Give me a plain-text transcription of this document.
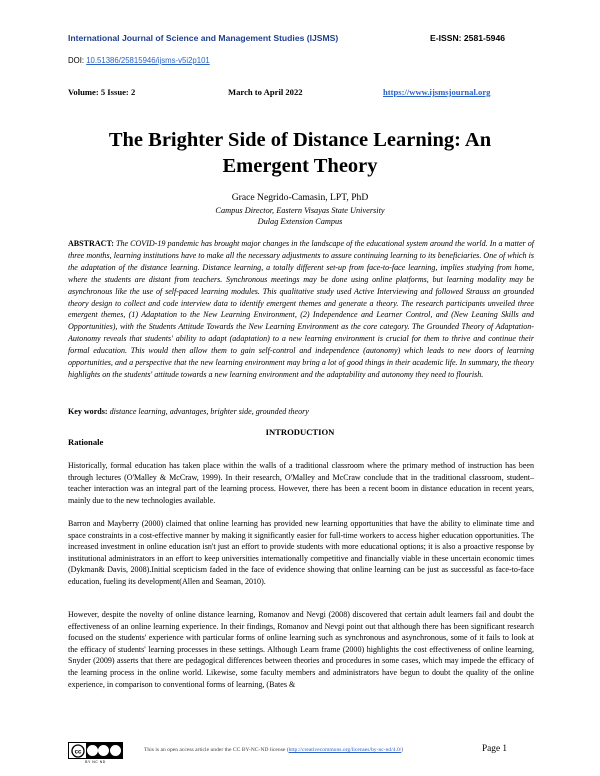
International Journal of Science and Management Studies (IJSMS)	E-ISSN: 2581-5946
DOI: 10.51386/25815946/ijsms-v5i2p101
Volume: 5 Issue: 2	March to April 2022	https://www.ijsmsjournal.org
The Brighter Side of Distance Learning: An
Emergent Theory
Grace Negrido-Camasin, LPT, PhD
Campus Director, Eastern Visayas State University
Dulag Extension Campus
ABSTRACT: The COVID-19 pandemic has brought major changes in the landscape of the educational system around the world. In a matter of three months, learning institutions have to make all the necessary adjustments to assure continuing learning to its beneficiaries. One of which is the adaptation of the distance learning. Distance learning, a totally different set-up from face-to-face learning, implies studying from home, where the students are distant from teachers. Synchronous meetings may be done using online platforms, but learning modality may be asynchronous like the use of self-paced learning modules. This qualitative study used Active Interviewing and followed Strauss an grounded theory design to collect and code interview data to identify emergent themes and generate a theory. The research participants unveiled three emergent themes, (1) Adaptation to the New Learning Environment, (2) Independence and Learner Control, and (New Leaning Skills and Opportunities), with the Students Attitude Towards the New Learning Environment as the core category. The Grounded Theory of Adaptation-Autonomy reveals that students' ability to adapt (adaptation) to a new learning environment is crucial for them to thrive and continue their formal education. This would then allow them to gain self-control and independence (autonomy) which leads to new doors of learning opportunities, and a perspective that the new learning environment may bring a lot of good things in their academic life. In summary, the theory highlights on the students' attitude towards a new learning environment and the adaptability and autonomy they need to flourish.
Key words: distance learning, advantages, brighter side, grounded theory
INTRODUCTION
Rationale
Historically, formal education has taken place within the walls of a traditional classroom where the primary method of instruction has been through lectures (O'Malley & McCraw, 1999). In their research, O'Malley and McCraw conclude that in the traditional classroom, student–teacher interaction was an integral part of the learning process. However, there has been a recent boom in distance education in recent years, mainly due to the new technologies available.
Barron and Mayberry (2000) claimed that online learning has provided new learning opportunities that have the ability to eliminate time and space constraints in a cost-effective manner by making it significantly easier for full-time workers to access higher education opportunities. The increased investment in online education isn't just an effort to provide students with more educational options; it is also a proactive response by institutional administrators in an effort to keep universities internationally competitive and financially viable in these uncertain economic times (Dykman& Davis, 2008).Initial scepticism faded in the face of evidence showing that online learning can be just as successful as face-to-face education, fueling its development(Allen and Seaman, 2010).
However, despite the novelty of online distance learning, Romanov and Nevgi (2008) discovered that certain adult learners fail and doubt the effectiveness of an online learning experience. In their findings, Romanov and Nevgi point out that although there has been significant research focused on the students' experience with particular forms of online learning such as synchronous and asynchronous, some of it fails to look at the efficacy of students' learning processes in these settings. Although Learn frame (2000) highlights the cost effectiveness of online learning, Snyder (2009) asserts that there are pedagogical differences between theories and procedures in some cases, which may impede the efficacy of the learning process in the online world. Likewise, some faculty members and administrators have begun to doubt the quality of the online experience, in comparison to conventional forms of learning, (Bates &
cc
BY NC ND
This is an open access article under the CC BY-NC-ND license (http://creativecommons.org/licenses/by-nc-nd/4.0/)	Page 1
